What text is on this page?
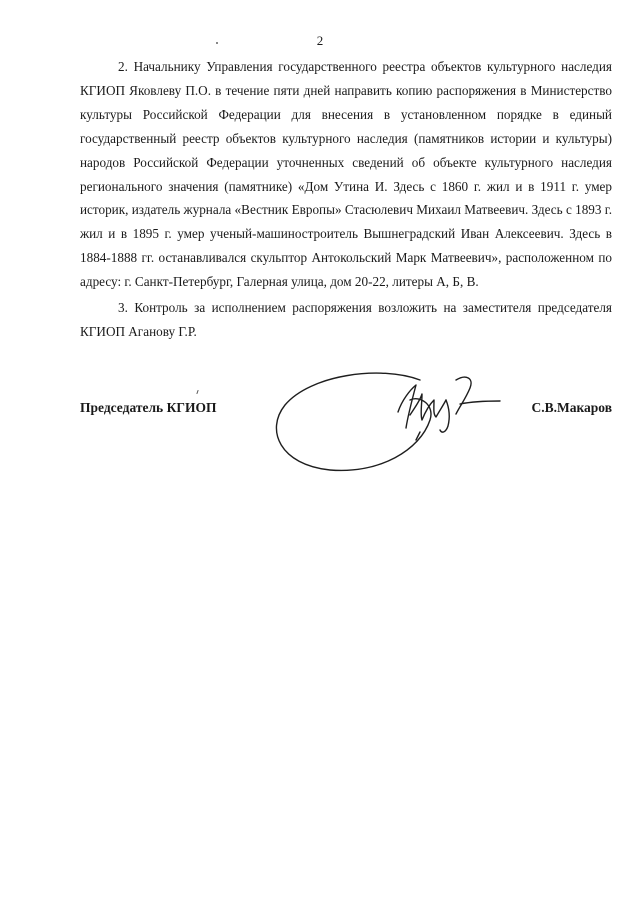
2

2. Начальнику Управления государственного реестра объектов культурного наследия КГИОП Яковлеву П.О. в течение пяти дней направить копию распоряжения в Министерство культуры Российской Федерации для внесения в установленном порядке в единый государственный реестр объектов культурного наследия (памятников истории и культуры) народов Российской Федерации уточненных сведений об объекте культурного наследия регионального значения (памятнике) «Дом Утина И. Здесь с 1860 г. жил и в 1911 г. умер историк, издатель журнала «Вестник Европы» Стасюлевич Михаил Матвеевич. Здесь с 1893 г. жил и в 1895 г. умер ученый-машиностроитель Вышнеградский Иван Алексеевич. Здесь в 1884-1888 гг. останавливался скульптор Антокольский Марк Матвеевич», расположенном по адресу: г. Санкт-Петербург, Галерная улица, дом 20-22, литеры А, Б, В.

3. Контроль за исполнением распоряжения возложить на заместителя председателя КГИОП Аганову Г.Р.

Председатель КГИОП	С.В.Макаров
